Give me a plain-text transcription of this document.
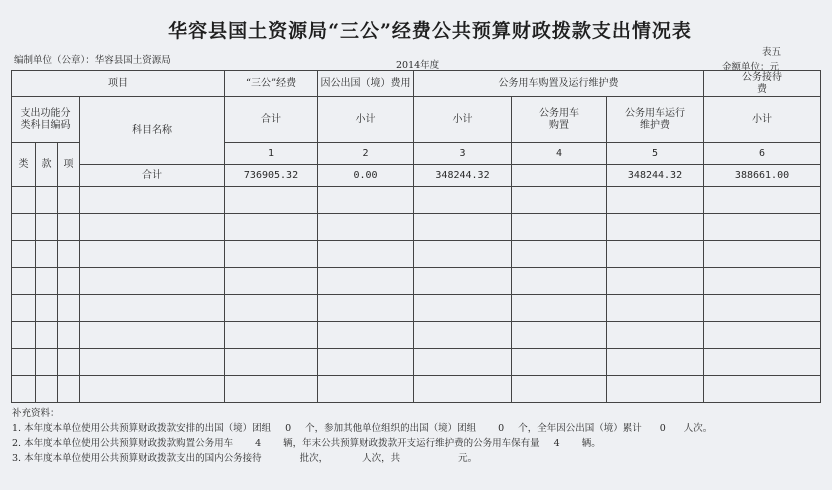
华容县国土资源局“三公”经费公共预算财政拨款支出情况表
编制单位（公章）：华容县国土资源局	2014年度
表五
金额单位：元
项目				“三公”经费	因公出国（境）费用	公务用车购置及运行维护费			公务接待费
支出功能分类科目编码			科目名称	合计	小计	小计	公务用车购置	公务用车运行维护费	小计
类	款	项		1	2	3	4	5	6
			合计	736905.32	0.00	348244.32		348244.32	388661.00

补充资料：
1. 本年度本单位使用公共预算财政拨款安排的出国（境）团组 0 个，参加其他单位组织的出国（境）团组 0 个，全年因公出国（境）累计 0 人次。
2. 本年度本单位使用公共预算财政拨款购置公务用车 4 辆，年末公共预算财政拨款开支运行维护费的公务用车保有量 4 辆。
3. 本年度本单位使用公共预算财政拨款支出的国内公务接待	批次，	人次，共	元。
